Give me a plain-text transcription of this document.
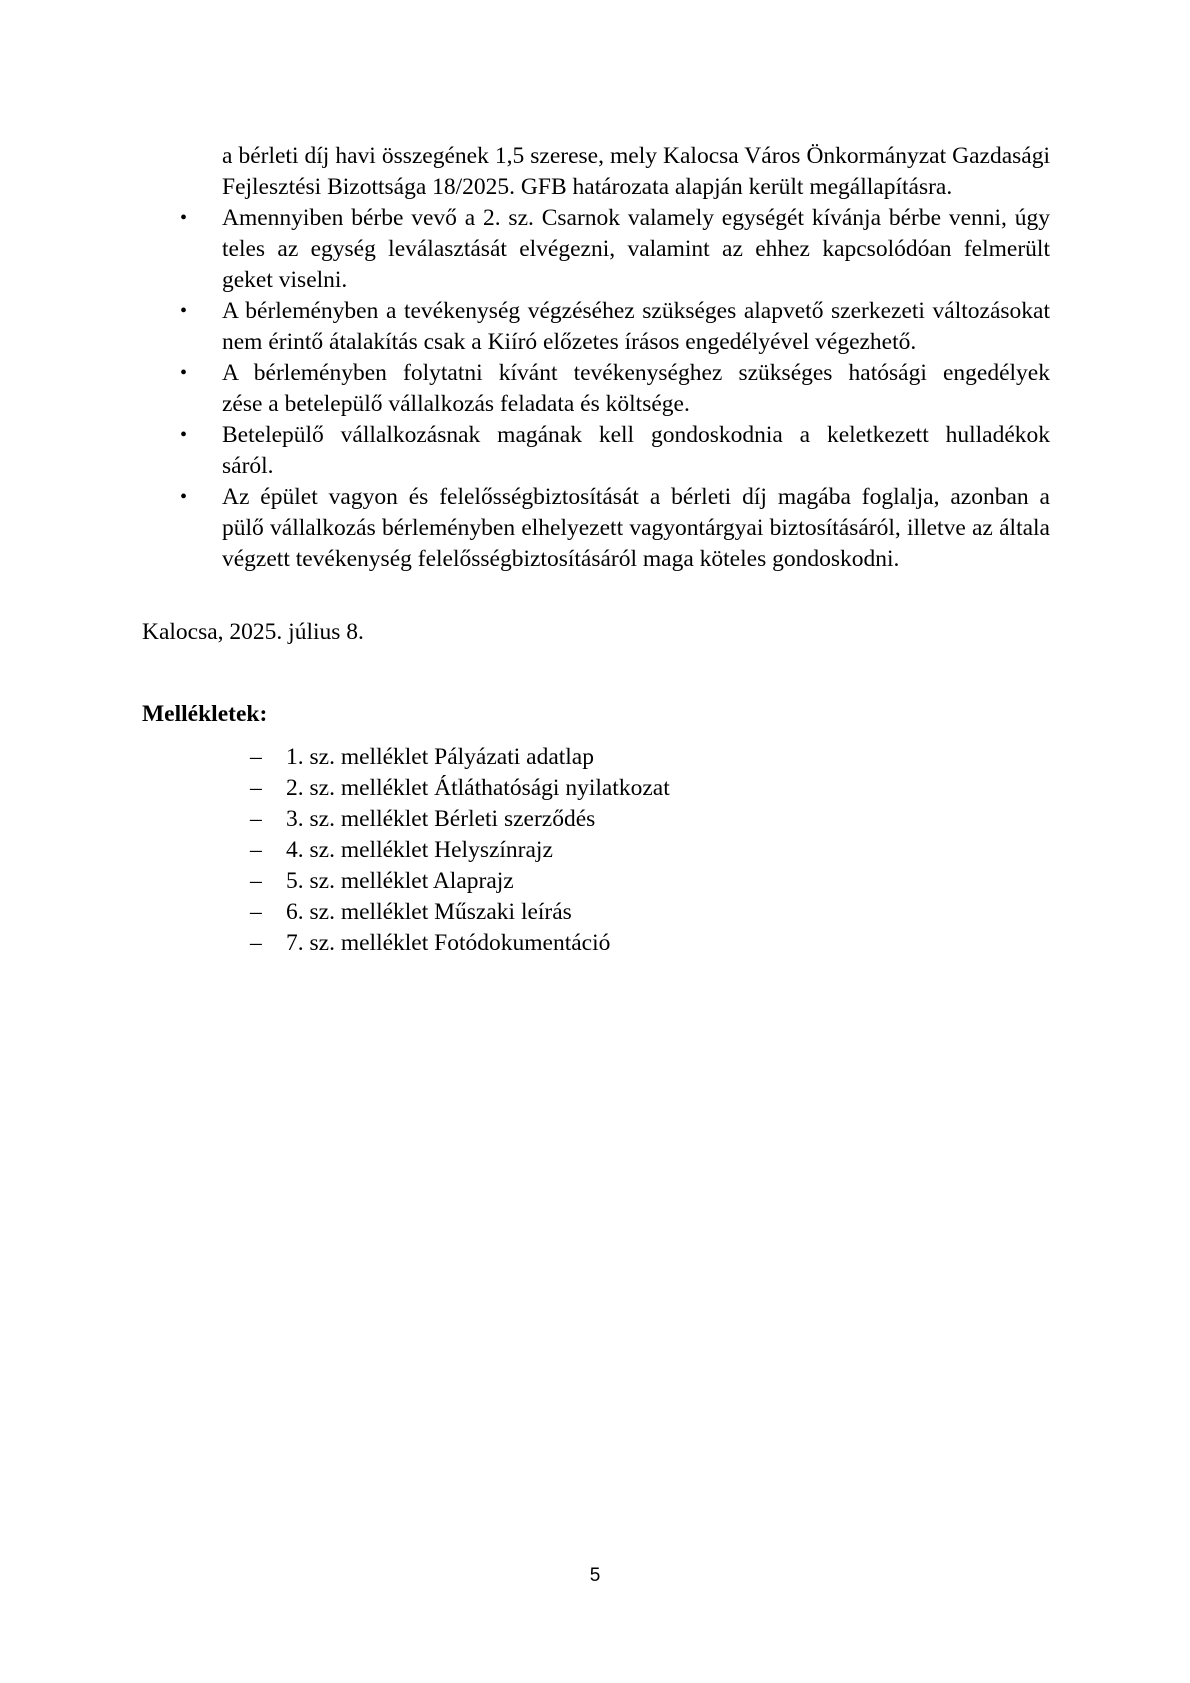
a bérleti díj havi összegének 1,5 szerese, mely Kalocsa Város Önkormányzat Gazdasági
Fejlesztési Bizottsága 18/2025. GFB határozata alapján került megállapításra.
• Amennyiben bérbe vevő a 2. sz. Csarnok valamely egységét kívánja bérbe venni, úgy
teles az egység leválasztását elvégezni, valamint az ehhez kapcsolódóan felmerült
geket viselni.
• A bérleményben a tevékenység végzéséhez szükséges alapvető szerkezeti változásokat
nem érintő átalakítás csak a Kiíró előzetes írásos engedélyével végezhető.
• A bérleményben folytatni kívánt tevékenységhez szükséges hatósági engedélyek
zése a betelepülő vállalkozás feladata és költsége.
• Betelepülő vállalkozásnak magának kell gondoskodnia a keletkezett hulladékok
sáról.
• Az épület vagyon és felelősségbiztosítását a bérleti díj magába foglalja, azonban a
pülő vállalkozás bérleményben elhelyezett vagyontárgyai biztosításáról, illetve az általa
végzett tevékenység felelősségbiztosításáról maga köteles gondoskodni.
Kalocsa, 2025. július 8.
Mellékletek:
– 1. sz. melléklet Pályázati adatlap
– 2. sz. melléklet Átláthatósági nyilatkozat
– 3. sz. melléklet Bérleti szerződés
– 4. sz. melléklet Helyszínrajz
– 5. sz. melléklet Alaprajz
– 6. sz. melléklet Műszaki leírás
– 7. sz. melléklet Fotódokumentáció
5
